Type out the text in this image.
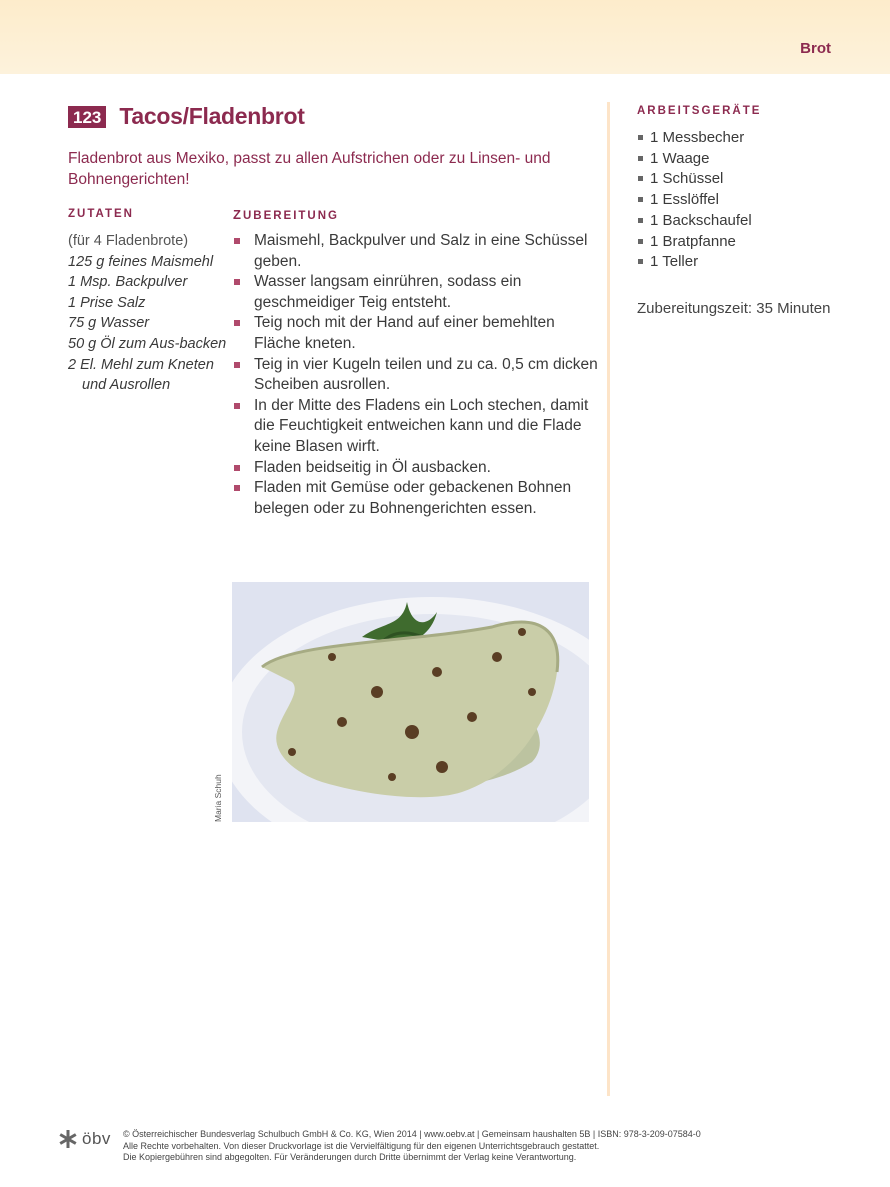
Brot
123 Tacos/Fladenbrot

Fladenbrot aus Mexiko, passt zu allen Aufstrichen oder zu Linsen- und Bohnengerichten!

ZUTATEN	ZUBEREITUNG
(für 4 Fladenbrote)
125 g feines Maismehl
1 Msp. Backpulver
1 Prise Salz
75 g Wasser
50 g Öl zum Aus-backen
2 El. Mehl zum Kneten und Ausrollen
Maismehl, Backpulver und Salz in eine Schüssel geben.
Wasser langsam einrühren, sodass ein geschmeidiger Teig entsteht.
Teig noch mit der Hand auf einer bemehlten Fläche kneten.
Teig in vier Kugeln teilen und zu ca. 0,5 cm dicken Scheiben ausrollen.
In der Mitte des Fladens ein Loch stechen, damit die Feuchtigkeit entweichen kann und die Flade keine Blasen wirft.
Fladen beidseitig in Öl ausbacken.
Fladen mit Gemüse oder gebackenen Bohnen belegen oder zu Bohnengerichten essen.
Maria Schuh
ARBEITSGERÄTE
1 Messbecher
1 Waage
1 Schüssel
1 Esslöffel
1 Backschaufel
1 Bratpfanne
1 Teller
Zubereitungszeit: 35 Minuten
öbv © Österreichischer Bundesverlag Schulbuch GmbH & Co. KG, Wien 2014 | www.oebv.at | Gemeinsam haushalten 5B | ISBN: 978-3-209-07584-0
Alle Rechte vorbehalten. Von dieser Druckvorlage ist die Vervielfältigung für den eigenen Unterrichtsgebrauch gestattet.
Die Kopiergebühren sind abgegolten. Für Veränderungen durch Dritte übernimmt der Verlag keine Verantwortung.
